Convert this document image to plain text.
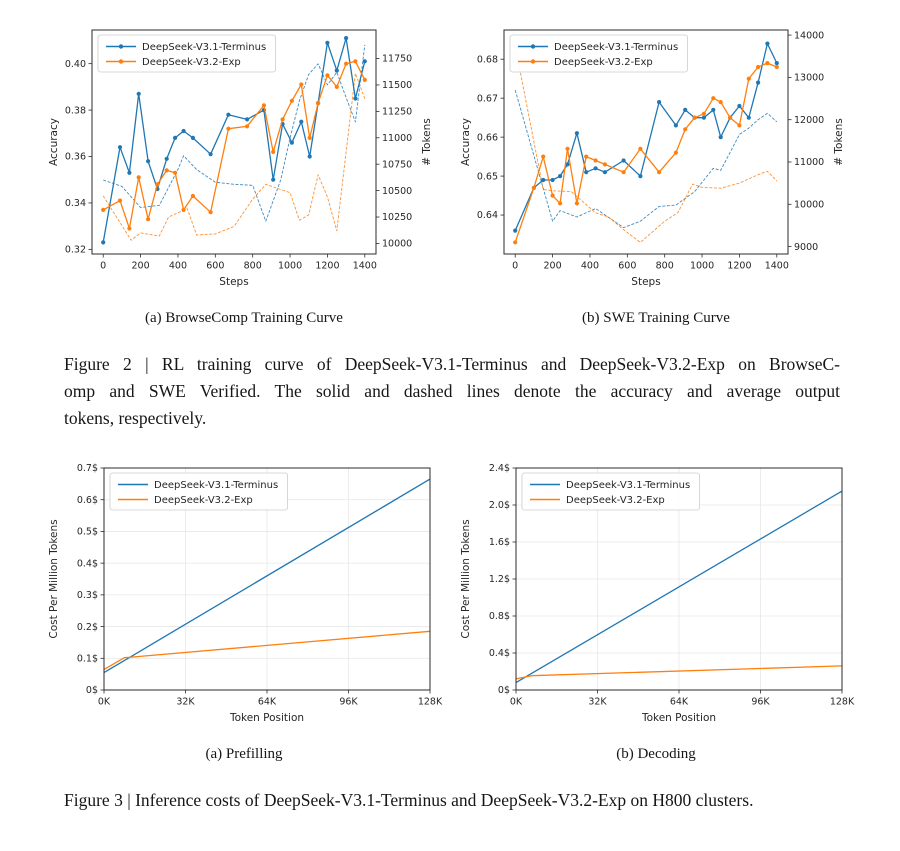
0	200 400 600 800 1000 1200 1400
Steps
0.32
0.34
0.36
0.38
0.40
Accuracy
10000
10250
10500
10750
11000
11250
11500
11750
# Tokens
DeepSeek-V3.1-Terminus
DeepSeek-V3.2-Exp
(a) BrowseComp Training Curve
0	200 400 600 800 1000 1200 1400
Steps
0.64
0.65
0.66
0.67
0.68
Accuracy
9000
10000
11000
12000
13000
14000
# Tokens
DeepSeek-V3.1-Terminus
DeepSeek-V3.2-Exp
(b) SWE Training Curve
Figure 2 | RL training curve of DeepSeek-V3.1-Terminus and DeepSeek-V3.2-Exp on BrowseC-
omp and SWE Verified. The solid and dashed lines denote the accuracy and average output
tokens, respectively.
0K	32K	64K	96K	128K
Token Position
0$
0.1$
0.2$
0.3$
0.4$
0.5$
0.6$
0.7$
Cost Per Million Tokens
DeepSeek-V3.1-Terminus
DeepSeek-V3.2-Exp
(a) Prefilling
0K	32K	64K	96K	128K
Token Position
0$
0.4$
0.8$
1.2$
1.6$
2.0$
2.4$
Cost Per Million Tokens
DeepSeek-V3.1-Terminus
DeepSeek-V3.2-Exp
(b) Decoding
Figure 3 | Inference costs of DeepSeek-V3.1-Terminus and DeepSeek-V3.2-Exp on H800 clusters.
